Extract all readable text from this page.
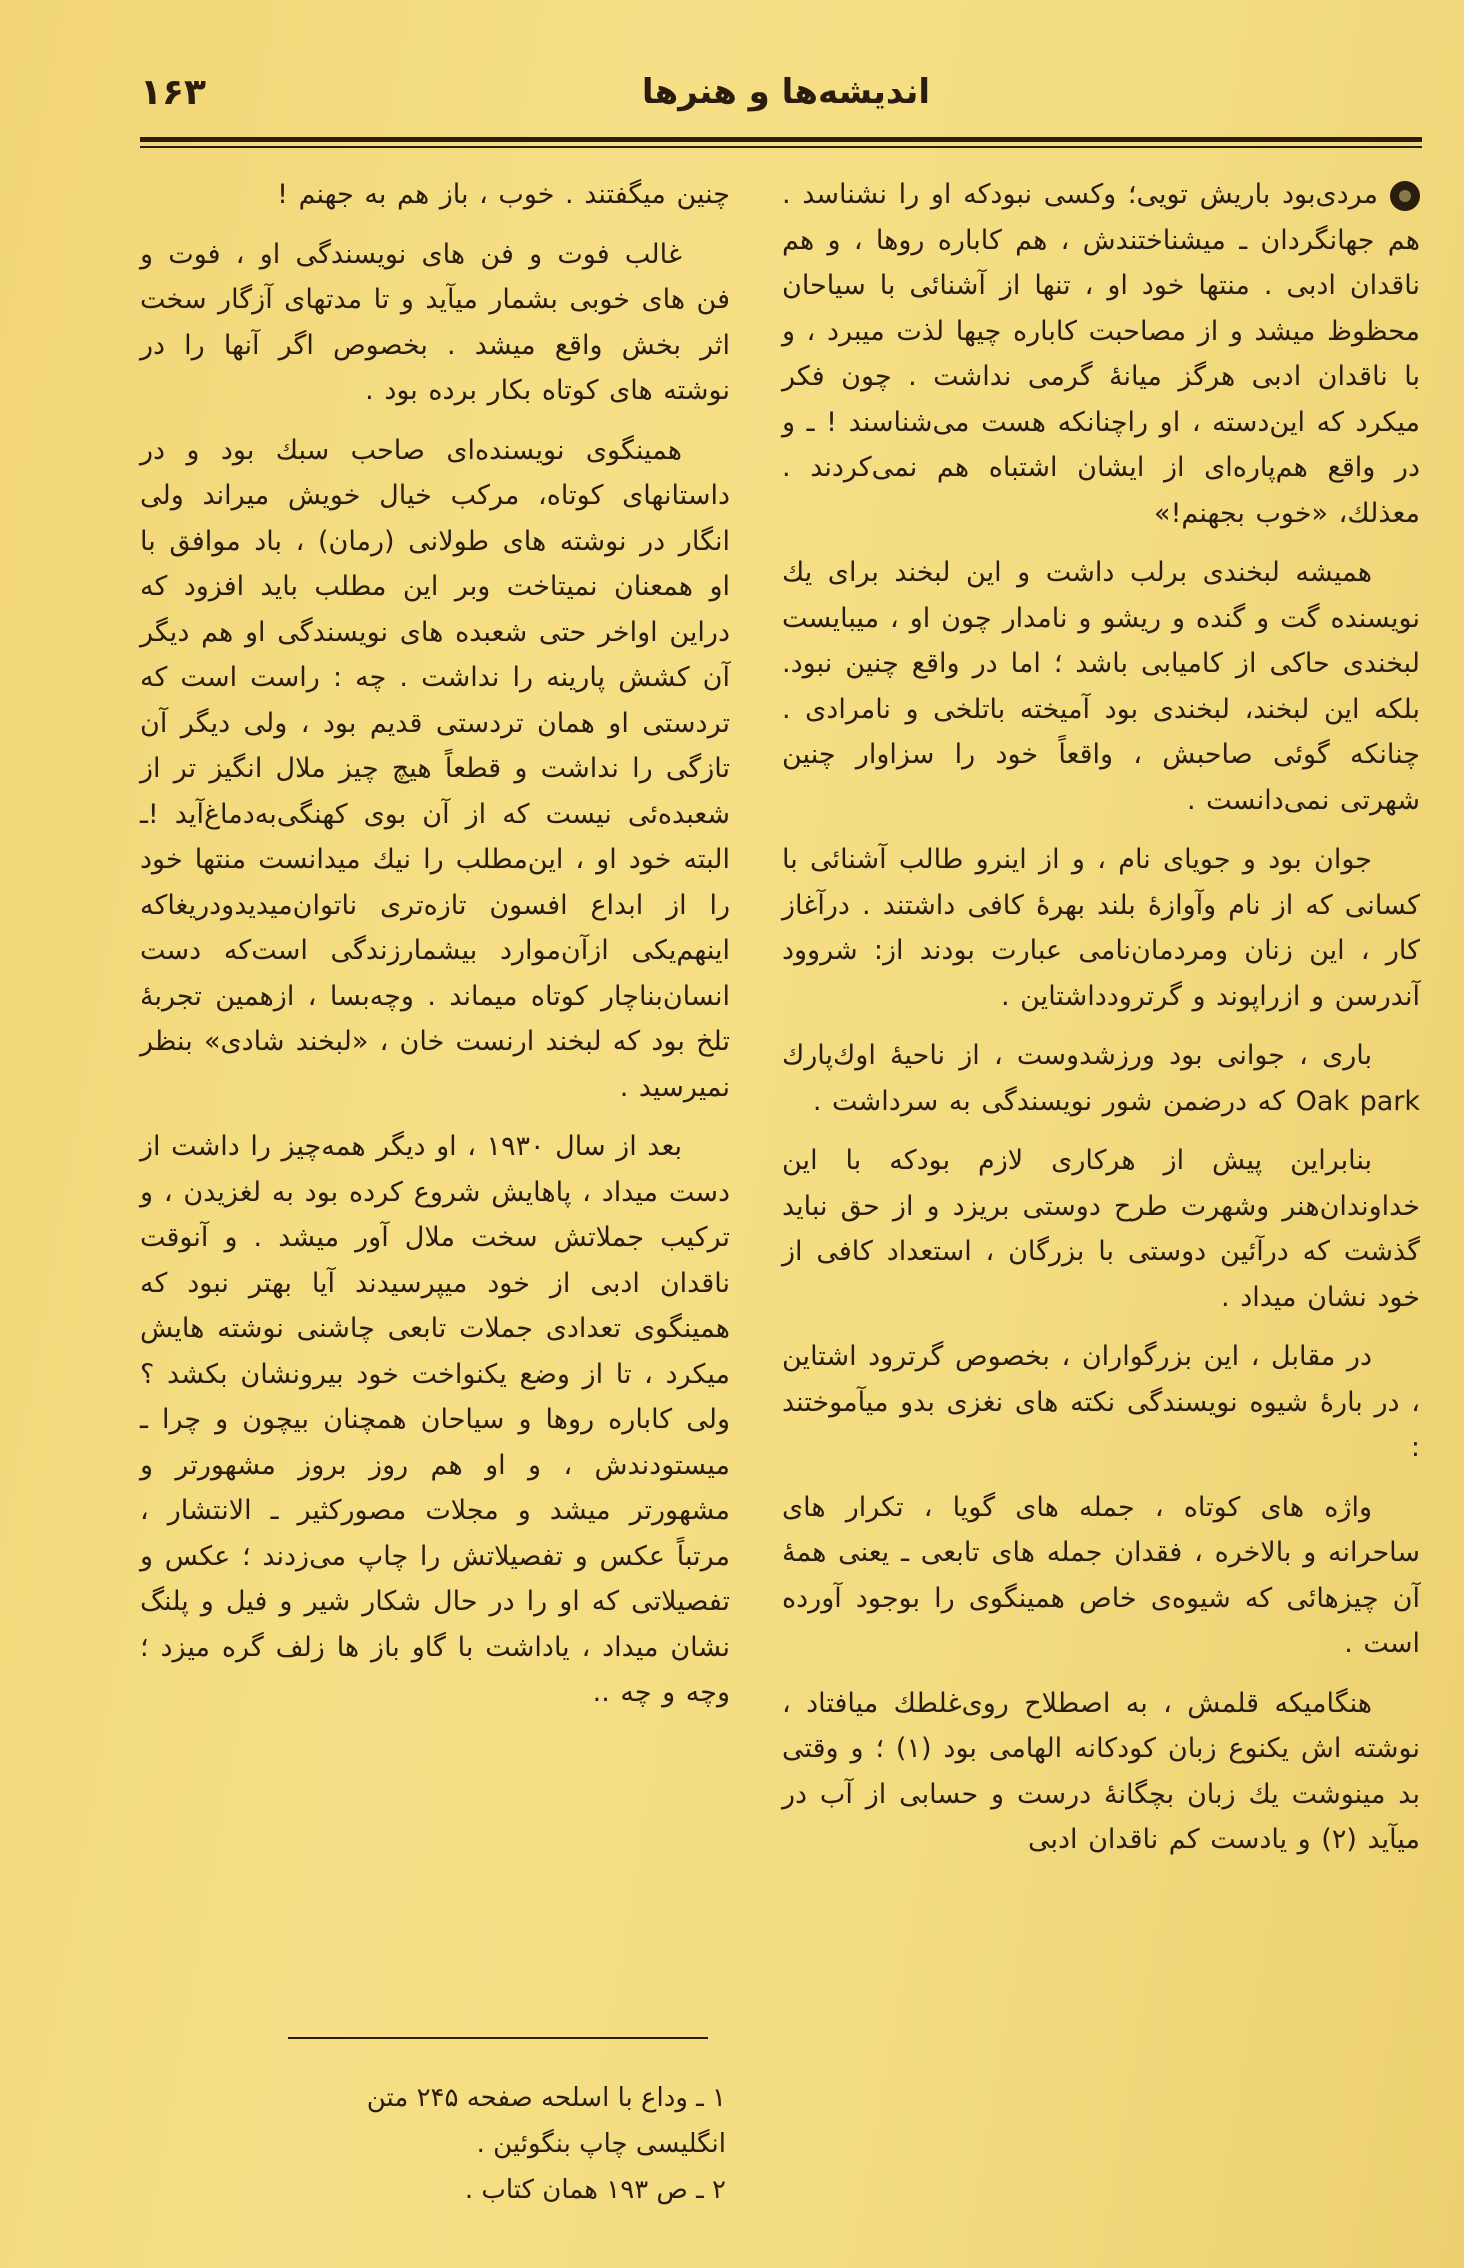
اندیشه‌ها و هنرها
۱۶۳

مردی‌بود باریش تویی؛ وکسی نبودکه او را نشناسد . هم جهانگردان ـ میشناختندش ، هم کاباره روها ، و هم ناقدان ادبی . منتها خود او ، تنها از آشنائی با سیاحان محظوظ میشد و از مصاحبت کاباره چیها لذت میبرد ، و با ناقدان ادبی هرگز میانهٔ گرمی نداشت . چون فکر میکرد که این‌دسته ، او راچنانکه هست می‌شناسند ! ـ و در واقع هم‌پاره‌ای از ایشان اشتباه هم نمی‌کردند . معذلك، «خوب بجهنم!»

همیشه لبخندی برلب داشت و این لبخند برای یك نویسنده گت و گنده و ریشو و نامدار چون او ، میبایست لبخندی حاکی از کامیابی باشد ؛ اما در واقع چنین نبود. بلکه این لبخند، لبخندی بود آمیخته باتلخی و نامرادی . چنانکه گوئی صاحبش ، واقعاً خود را سزاوار چنین شهرتی نمی‌دانست .

جوان بود و جویای نام ، و از اینرو طالب آشنائی با کسانی که از نام وآوازهٔ بلند بهرهٔ کافی داشتند . درآغاز کار ، این زنان ومردمان‌نامی عبارت بودند از: شروود آندرسن و ازراپوند و گرترودداشتاین .

باری ، جوانی بود ورزشدوست ، از ناحیهٔ اوك‌پارك Oak park که درضمن شور نویسندگی به سرداشت .

بنابراین پیش از هرکاری لازم بودکه با این خداوندان‌هنر وشهرت طرح دوستی بریزد و از حق نباید گذشت که درآئین دوستی با بزرگان ، استعداد کافی از خود نشان میداد .

در مقابل ، این بزرگواران ، بخصوص گرترود اشتاین ، در بارهٔ شیوه نویسندگی نکته های نغزی بدو میآموختند :

واژه های کوتاه ، جمله های گویا ، تکرار های ساحرانه و بالاخره ، فقدان جمله های تابعی ـ یعنی همهٔ آن چیزهائی که شیوه‌ی خاص همینگوی را بوجود آورده است .

هنگامیکه قلمش ، به اصطلاح روی‌غلطك میافتاد ، نوشته اش یکنوع زبان کودکانه الهامی بود (۱) ؛ و وقتی بد مینوشت یك زبان بچگانهٔ درست و حسابی از آب در میآید (۲) و یادست کم ناقدان ادبی

چنین میگفتند . خوب ، باز هم به جهنم !

غالب فوت و فن های نویسندگی او ، فوت و فن های خوبی بشمار میآید و تا مدتهای آزگار سخت اثر بخش واقع میشد . بخصوص اگر آنها را در نوشته های کوتاه بکار برده بود .

همینگوی نویسنده‌ای صاحب سبك بود و در داستانهای کوتاه، مرکب خیال خویش میراند ولی انگار در نوشته های طولانی (رمان) ، باد موافق با او همعنان نمیتاخت وبر این مطلب باید افزود که دراین اواخر حتی شعبده های نویسندگی او هم دیگر آن کشش پارینه را نداشت . چه : راست است که تردستی او همان تردستی قدیم بود ، ولی دیگر آن تازگی را نداشت و قطعاً هیچ چیز ملال انگیز تر از شعبده‌ئی نیست که از آن بوی کهنگی‌به‌دماغ‌آید !ـ البته خود او ، این‌مطلب را نیك میدانست منتها خود را از ابداع افسون تازه‌تری ناتوان‌میدیدودریغاکه اینهم‌یکی ازآن‌موارد بیشمارزندگی است‌که دست انسان‌بناچار کوتاه میماند . وچه‌بسا ، ازهمین تجربهٔ تلخ بود که لبخند ارنست خان ، «لبخند شادی» بنظر نمیرسید .

بعد از سال ۱۹۳۰ ، او دیگر همه‌چیز را داشت از دست میداد ، پاهایش شروع کرده بود به لغزیدن ، و ترکیب جملاتش سخت ملال آور میشد . و آنوقت ناقدان ادبی از خود میپرسیدند آیا بهتر نبود که همینگوی تعدادی جملات تابعی چاشنی نوشته هایش میکرد ، تا از وضع یکنواخت خود بیرونشان بکشد ؟ ولی کاباره روها و سیاحان همچنان بیچون و چرا ـ میستودندش ، و او هم روز بروز مشهورتر و مشهورتر میشد و مجلات مصورکثیر ـ الانتشار ، مرتباً عکس و تفصیلاتش را چاپ می‌زدند ؛ عکس و تفصیلاتی که او را در حال شکار شیر و فیل و پلنگ نشان میداد ، یاداشت با گاو باز ها زلف گره میزد ؛ وچه و چه ..

۱ ـ وداع با اسلحه صفحه ۲۴۵ متن
انگلیسی چاپ بنگوئین .
۲ ـ ص ۱۹۳ همان کتاب .
